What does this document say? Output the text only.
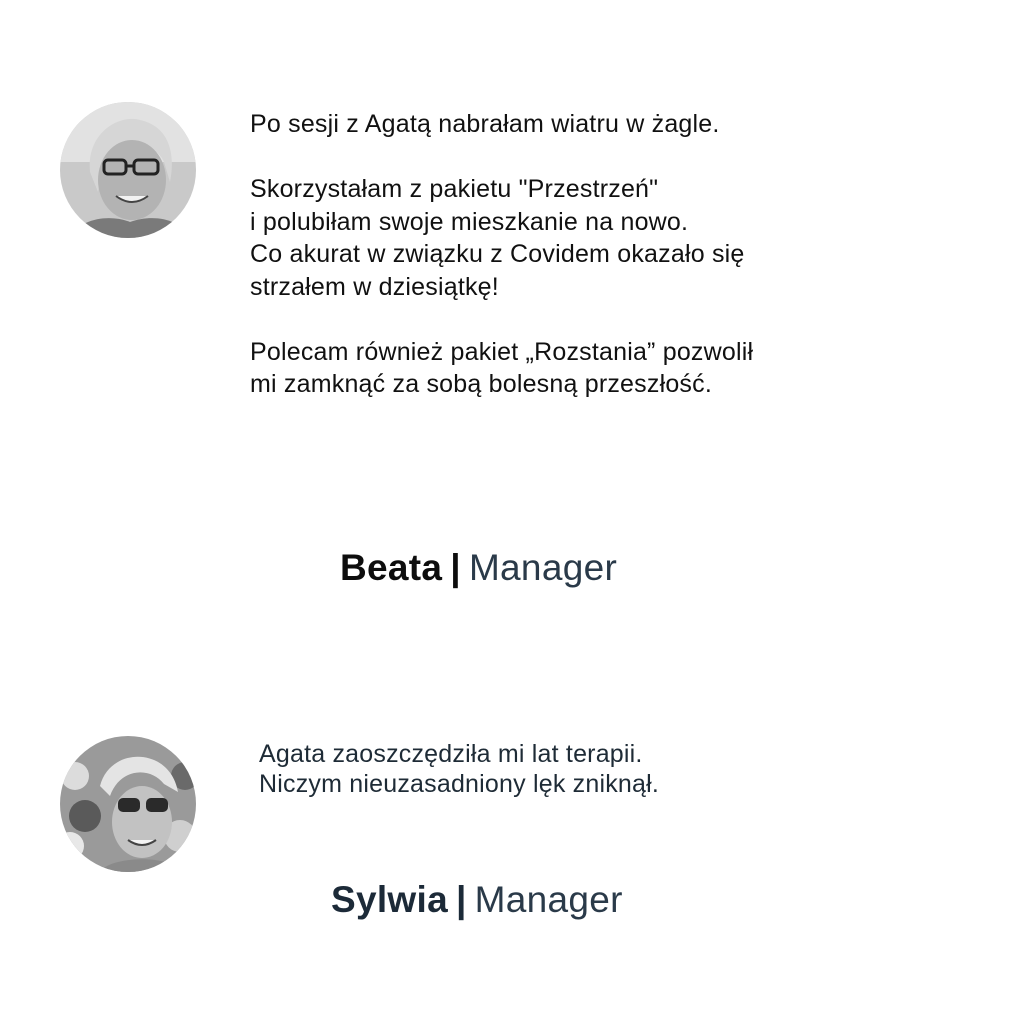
Po sesji z Agatą nabrałam wiatru w żagle.

Skorzystałam z pakietu "Przestrzeń"

i polubiłam swoje mieszkanie na nowo.

Co akurat w związku z Covidem okazało się

strzałem w dziesiątkę!

Polecam również pakiet „Rozstania” pozwolił

mi zamknąć za sobą bolesną przeszłość.

Beata | Manager

Agata zaoszczędziła mi lat terapii.

Niczym nieuzasadniony lęk zniknął.

Sylwia | Manager
